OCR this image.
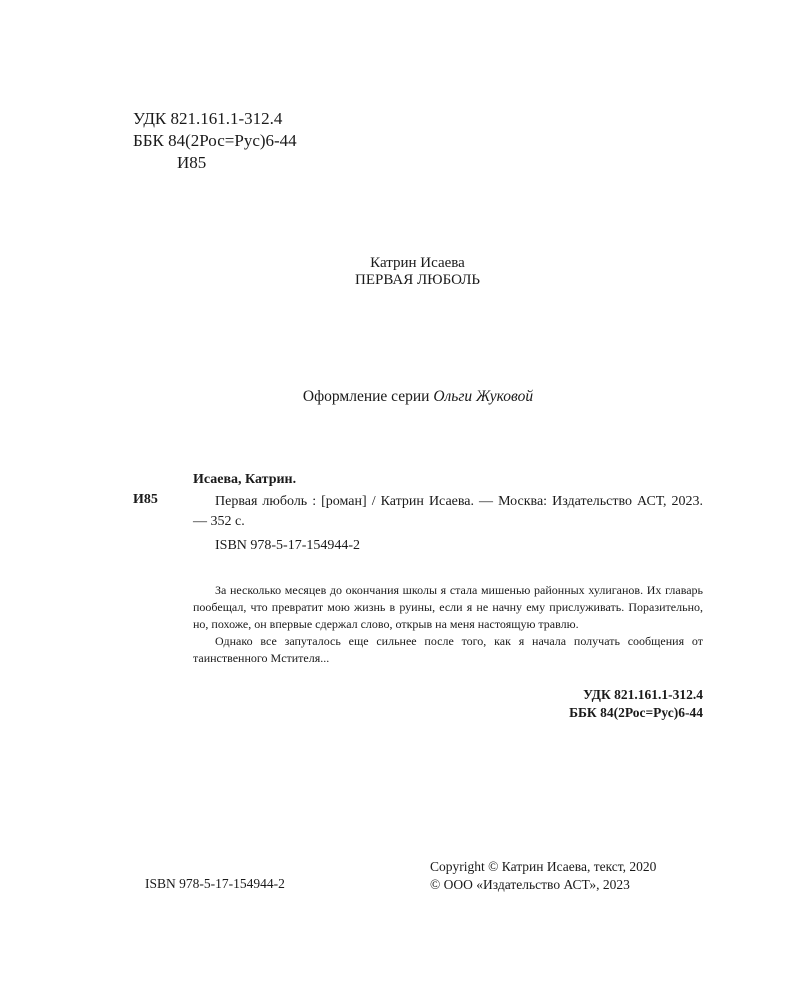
УДК 821.161.1-312.4
ББК 84(2Рос=Рус)6-44
И85
Катрин Исаева
ПЕРВАЯ ЛЮБОЛЬ
Оформление серии Ольги Жуковой
Исаева, Катрин.
И85	Первая люболь : [роман] / Катрин Исаева. — Москва: Издательство АСТ, 2023. — 352 с.
ISBN 978-5-17-154944-2

За несколько месяцев до окончания школы я стала мишенью районных хулиганов. Их главарь пообещал, что превратит мою жизнь в руины, если я не начну ему прислуживать. Поразительно, но, похоже, он впервые сдержал слово, открыв на меня настоящую травлю.

Однако все запуталось еще сильнее после того, как я начала получать сообщения от таинственного Мстителя...

УДК 821.161.1-312.4
ББК 84(2Рос=Рус)6-44
Copyright © Катрин Исаева, текст, 2020
© ООО «Издательство АСТ», 2023
ISBN 978-5-17-154944-2
